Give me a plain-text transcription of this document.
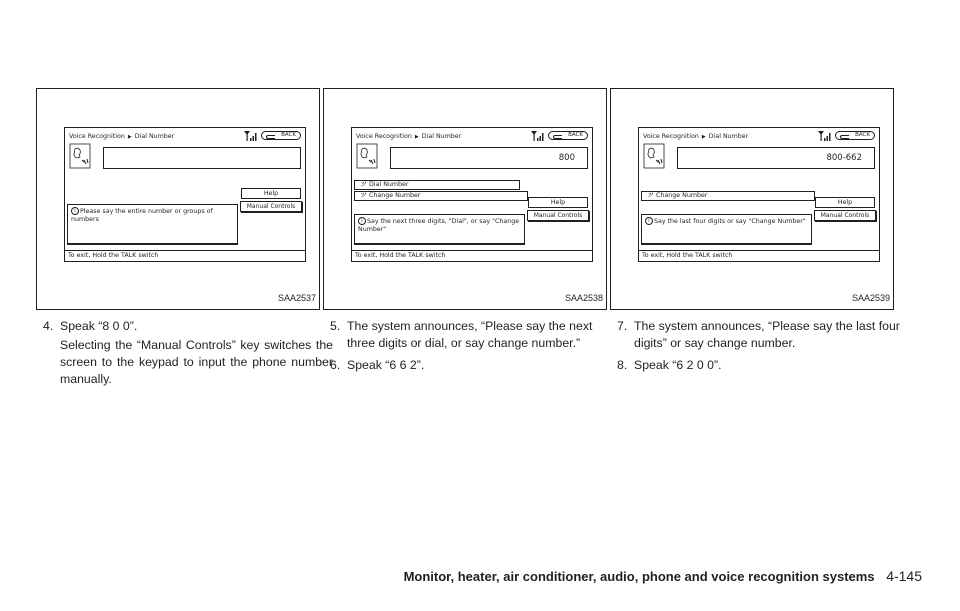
Voice Recognition ▶ Dial Number	BACK
Help
Manual Controls
i Please say the entire number or groups of numbers
To exit, Hold the TALK switch
SAA2537
Voice Recognition ▶ Dial Number	BACK
800
ツ Dial Number
ツ Change Number
Help
Manual Controls
i Say the next three digits, "Dial", or say "Change Number"
To exit, Hold the TALK switch
SAA2538
Voice Recognition ▶ Dial Number	BACK
800-662
ツ Change Number
Help
Manual Controls
i Say the last four digits or say "Change Number"
To exit, Hold the TALK switch
SAA2539
4. Speak “8 0 0”.
Selecting the “Manual Controls” key switches the screen to the keypad to input the phone number manually.
5. The system announces, “Please say the next three digits or dial, or say change number.”
6. Speak “6 6 2”.
7. The system announces, “Please say the last four digits” or say change number.
8. Speak “6 2 0 0”.
Monitor, heater, air conditioner, audio, phone and voice recognition systems 4-145
